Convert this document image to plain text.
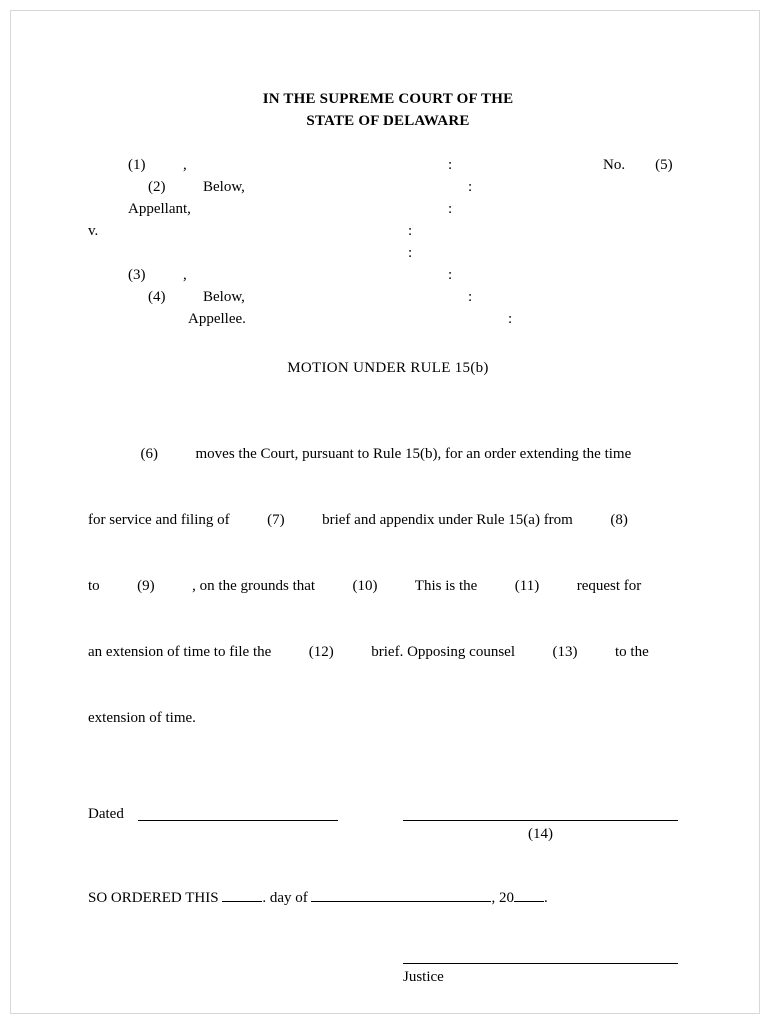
IN THE SUPREME COURT OF THE
STATE OF DELAWARE
(1)          ,	:	No.        (5)
(2)          Below,	:
Appellant,	:
v.	:
:
(3)          ,	:
(4)          Below,	:
Appellee.	:
MOTION UNDER RULE 15(b)

(6)          moves the Court, pursuant to Rule 15(b), for an order extending the time

for service and filing of          (7)          brief and appendix under Rule 15(a) from          (8)

to          (9)          , on the grounds that          (10)          This is the          (11)          request for

an extension of time to file the          (12)          brief. Opposing counsel          (13)          to the

extension of time.

Dated
(14)
SO ORDERED THIS	. day of	, 20 .
Justice
